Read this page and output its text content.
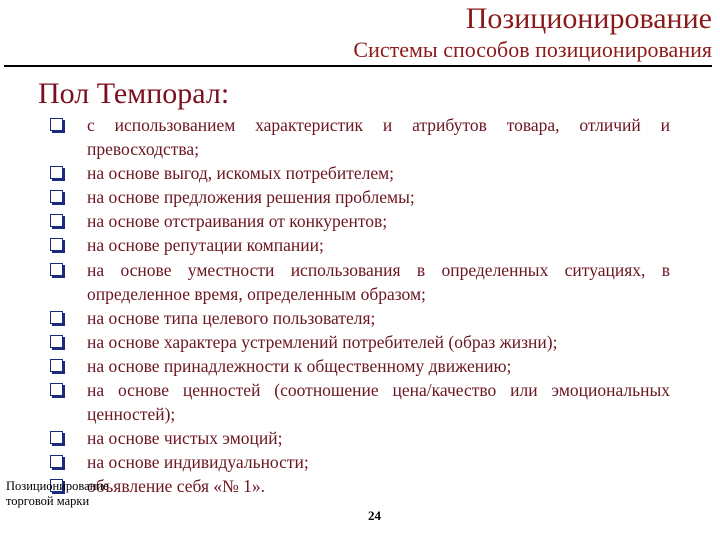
Позиционирование
Системы способов позиционирования
Пол Темпорал:
с использованием характеристик и атрибутов товара, отличий и превосходства;
на основе выгод, искомых потребителем;
на основе предложения решения проблемы;
на основе отстраивания от конкурентов;
на основе репутации компании;
на основе уместности использования в определенных ситуациях, в определенное время, определенным образом;
на основе типа целевого пользователя;
на основе характера устремлений потребителей (образ жизни);
на основе принадлежности к общественному движению;
на основе ценностей (соотношение цена/качество или эмоциональных ценностей);
на основе чистых эмоций;
на основе индивидуальности;
объявление себя «№ 1».
Позиционирование
торговой марки
24
